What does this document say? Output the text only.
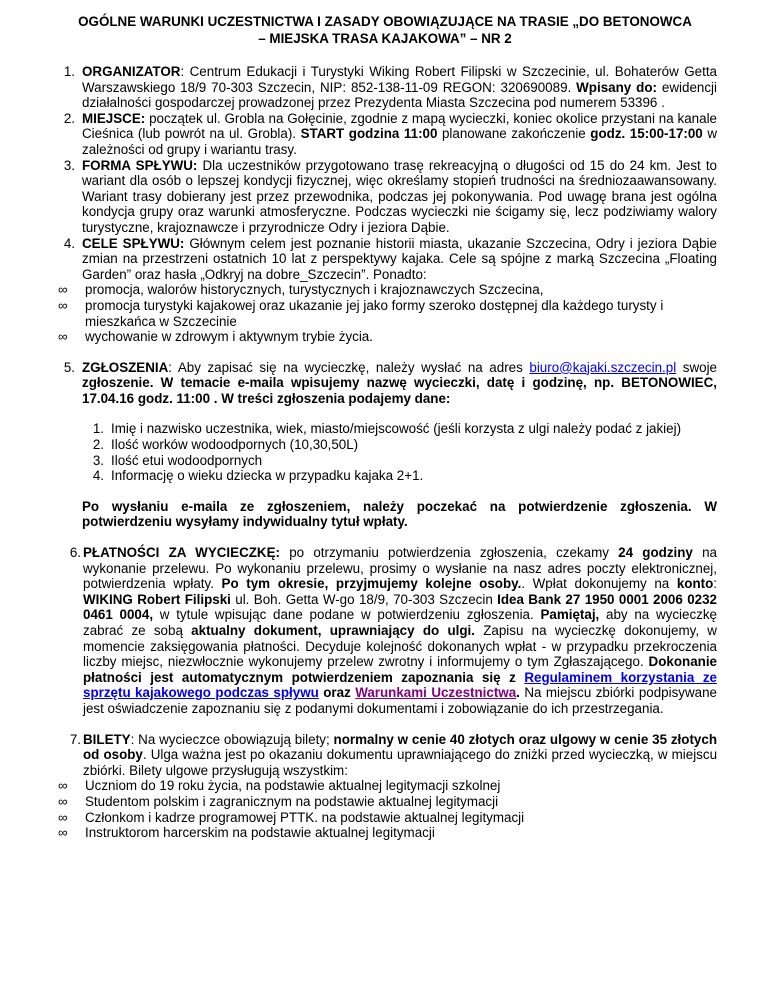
OGÓLNE WARUNKI UCZESTNICTWA I ZASADY OBOWIĄZUJĄCE NA TRASIE „DO BETONOWCA
– MIEJSKA TRASA KAJAKOWA” – NR 2
1. ORGANIZATOR: Centrum Edukacji i Turystyki Wiking Robert Filipski w Szczecinie, ul. Bohaterów Getta Warszawskiego 18/9 70-303 Szczecin, NIP: 852-138-11-09 REGON: 320690089. Wpisany do: ewidencji działalności gospodarczej prowadzonej przez Prezydenta Miasta Szczecina pod numerem 53396 .
2. MIEJSCE: początek ul. Grobla na Gołęcinie, zgodnie z mapą wycieczki, koniec okolice przystani na kanale Cieśnica (lub powrót na ul. Grobla). START godzina 11:00 planowane zakończenie godz. 15:00-17:00 w zależności od grupy i wariantu trasy.
3. FORMA SPŁYWU: Dla uczestników przygotowano trasę rekreacyjną o długości od 15 do 24 km. Jest to wariant dla osób o lepszej kondycji fizycznej, więc określamy stopień trudności na średniozaawansowany. Wariant trasy dobierany jest przez przewodnika, podczas jej pokonywania. Pod uwagę brana jest ogólna kondycja grupy oraz warunki atmosferyczne. Podczas wycieczki nie ścigamy się, lecz podziwiamy walory turystyczne, krajoznawcze i przyrodnicze Odry i jeziora Dąbie.
4. CELE SPŁYWU: Głównym celem jest poznanie historii miasta, ukazanie Szczecina, Odry i jeziora Dąbie zmian na przestrzeni ostatnich 10 lat z perspektywy kajaka. Cele są spójne z marką Szczecina „Floating Garden” oraz hasła „Odkryj na dobre_Szczecin”. Ponadto:
∞ promocja, walorów historycznych, turystycznych i krajoznawczych Szczecina,
∞ promocja turystyki kajakowej oraz ukazanie jej jako formy szeroko dostępnej dla każdego turysty i mieszkańca w Szczecinie
∞ wychowanie w zdrowym i aktywnym trybie życia.
5. ZGŁOSZENIA: Aby zapisać się na wycieczkę, należy wysłać na adres biuro@kajaki.szczecin.pl swoje zgłoszenie. W temacie e-maila wpisujemy nazwę wycieczki, datę i godzinę, np. BETONOWIEC, 17.04.16 godz. 11:00 . W treści zgłoszenia podajemy dane:
1. Imię i nazwisko uczestnika, wiek, miasto/miejscowość (jeśli korzysta z ulgi należy podać z jakiej)
2. Ilość worków wodoodpornych (10,30,50L)
3. Ilość etui wodoodpornych
4. Informację o wieku dziecka w przypadku kajaka 2+1.
Po wysłaniu e-maila ze zgłoszeniem, należy poczekać na potwierdzenie zgłoszenia. W potwierdzeniu wysyłamy indywidualny tytuł wpłaty.
6. PŁATNOŚCI ZA WYCIECZKĘ: po otrzymaniu potwierdzenia zgłoszenia, czekamy 24 godziny na wykonanie przelewu. Po wykonaniu przelewu, prosimy o wysłanie na nasz adres poczty elektronicznej, potwierdzenia wpłaty. Po tym okresie, przyjmujemy kolejne osoby.. Wpłat dokonujemy na konto: WIKING Robert Filipski ul. Boh. Getta W-go 18/9, 70-303 Szczecin Idea Bank 27 1950 0001 2006 0232 0461 0004, w tytule wpisując dane podane w potwierdzeniu zgłoszenia. Pamiętaj, aby na wycieczkę zabrać ze sobą aktualny dokument, uprawniający do ulgi. Zapisu na wycieczkę dokonujemy, w momencie zaksięgowania płatności. Decyduje kolejność dokonanych wpłat - w przypadku przekroczenia liczby miejsc, niezwłocznie wykonujemy przelew zwrotny i informujemy o tym Zgłaszającego. Dokonanie płatności jest automatycznym potwierdzeniem zapoznania się z Regulaminem korzystania ze sprzętu kajakowego podczas spływu oraz Warunkami Uczestnictwa. Na miejscu zbiórki podpisywane jest oświadczenie zapoznaniu się z podanymi dokumentami i zobowiązanie do ich przestrzegania.
7. BILETY: Na wycieczce obowiązują bilety; normalny w cenie 40 złotych oraz ulgowy w cenie 35 złotych od osoby. Ulga ważna jest po okazaniu dokumentu uprawniającego do zniżki przed wycieczką, w miejscu zbiórki. Bilety ulgowe przysługują wszystkim:
∞ Uczniom do 19 roku życia, na podstawie aktualnej legitymacji szkolnej
∞ Studentom polskim i zagranicznym na podstawie aktualnej legitymacji
∞ Członkom i kadrze programowej PTTK. na podstawie aktualnej legitymacji
∞ Instruktorom harcerskim na podstawie aktualnej legitymacji
